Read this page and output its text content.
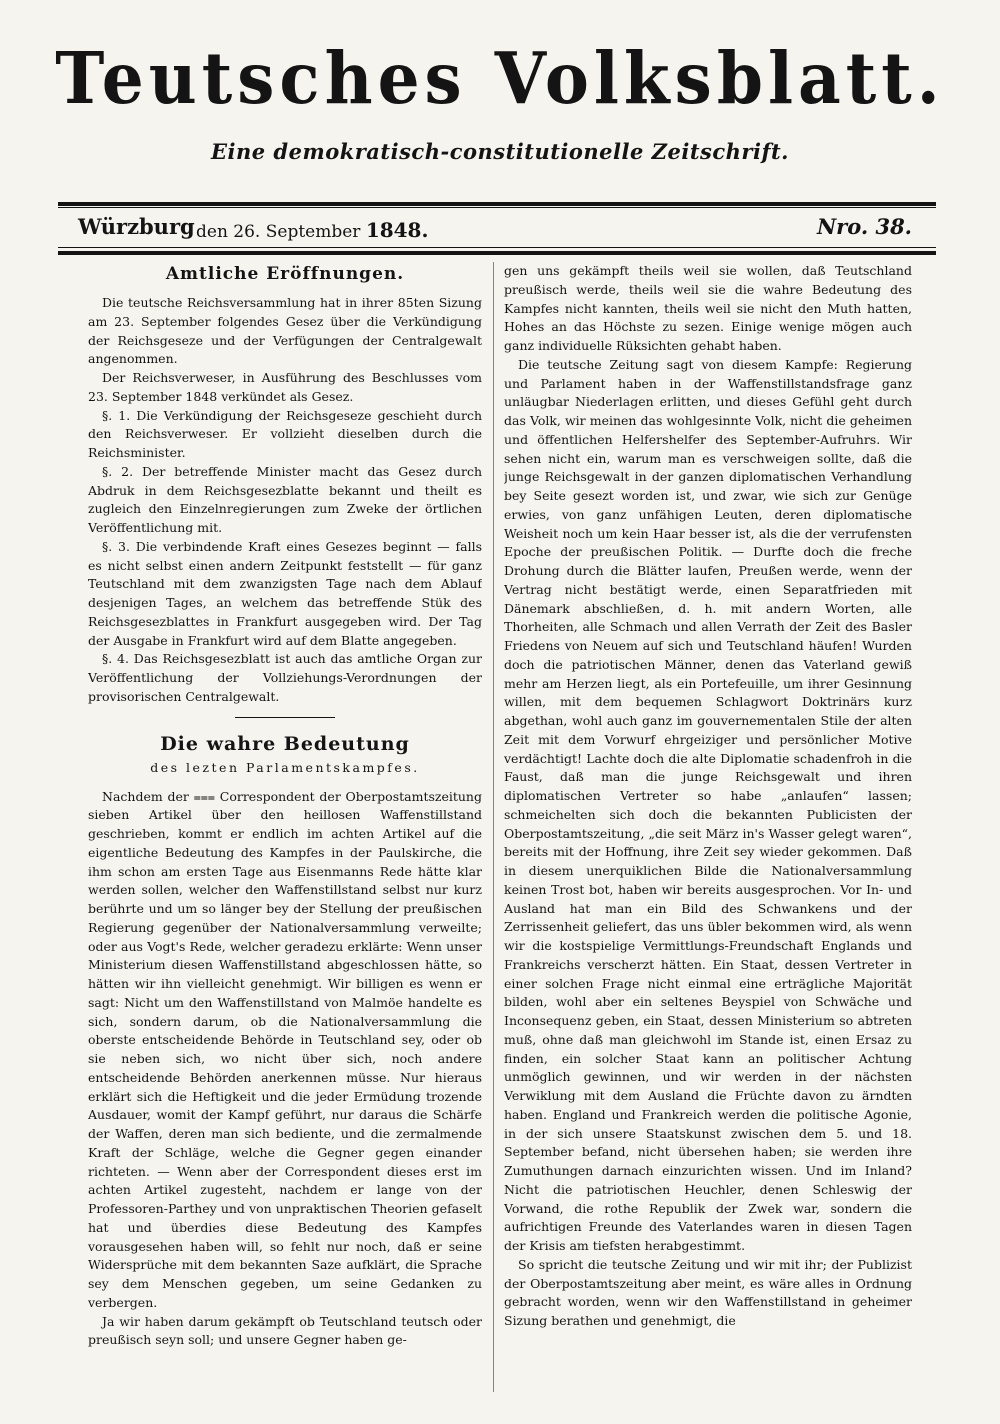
Teutsches Volksblatt.
Eine demokratisch-constitutionelle Zeitschrift.
Würzburg den 26. September 1848.	Nro. 38.
Amtliche Eröffnungen.

Die teutsche Reichsversammlung hat in ihrer 85ten Sizung am 23. September folgendes Gesez über die Verkündigung der Reichsgeseze und der Verfügungen der Centralgewalt angenommen.

Der Reichsverweser, in Ausführung des Beschlusses vom 23. September 1848 verkündet als Gesez.

§. 1. Die Verkündigung der Reichsgeseze geschieht durch den Reichsverweser. Er vollzieht dieselben durch die Reichsminister.

§. 2. Der betreffende Minister macht das Gesez durch Abdruk in dem Reichsgesezblatte bekannt und theilt es zugleich den Einzelnregierungen zum Zweke der örtlichen Veröffentlichung mit.

§. 3. Die verbindende Kraft eines Gesezes beginnt — falls es nicht selbst einen andern Zeitpunkt feststellt — für ganz Teutschland mit dem zwanzigsten Tage nach dem Ablauf desjenigen Tages, an welchem das betreffende Stük des Reichsgesezblattes in Frankfurt ausgegeben wird. Der Tag der Ausgabe in Frankfurt wird auf dem Blatte angegeben.

§. 4. Das Reichsgesezblatt ist auch das amtliche Organ zur Veröffentlichung der Vollziehungs-Verordnungen der provisorischen Centralgewalt.

Die wahre Bedeutung
des lezten Parlamentskampfes.

Nachdem der ⩶ Correspondent der Oberpostamtszeitung sieben Artikel über den heillosen Waffenstillstand geschrieben, kommt er endlich im achten Artikel auf die eigentliche Bedeutung des Kampfes in der Paulskirche, die ihm schon am ersten Tage aus Eisenmanns Rede hätte klar werden sollen, welcher den Waffenstillstand selbst nur kurz berührte und um so länger bey der Stellung der preußischen Regierung gegenüber der Nationalversammlung verweilte; oder aus Vogt's Rede, welcher geradezu erklärte: Wenn unser Ministerium diesen Waffenstillstand abgeschlossen hätte, so hätten wir ihn vielleicht genehmigt. Wir billigen es wenn er sagt: Nicht um den Waffenstillstand von Malmöe handelte es sich, sondern darum, ob die Nationalversammlung die oberste entscheidende Behörde in Teutschland sey, oder ob sie neben sich, wo nicht über sich, noch andere entscheidende Behörden anerkennen müsse. Nur hieraus erklärt sich die Heftigkeit und die jeder Ermüdung trozende Ausdauer, womit der Kampf geführt, nur daraus die Schärfe der Waffen, deren man sich bediente, und die zermalmende Kraft der Schläge, welche die Gegner gegen einander richteten. — Wenn aber der Correspondent dieses erst im achten Artikel zugesteht, nachdem er lange von der Professoren-Parthey und von unpraktischen Theorien gefaselt hat und überdies diese Bedeutung des Kampfes vorausgesehen haben will, so fehlt nur noch, daß er seine Widersprüche mit dem bekannten Saze aufklärt, die Sprache sey dem Menschen gegeben, um seine Gedanken zu verbergen.

Ja wir haben darum gekämpft ob Teutschland teutsch oder preußisch seyn soll; und unsere Gegner haben ge-

gen uns gekämpft theils weil sie wollen, daß Teutschland preußisch werde, theils weil sie die wahre Bedeutung des Kampfes nicht kannten, theils weil sie nicht den Muth hatten, Hohes an das Höchste zu sezen. Einige wenige mögen auch ganz individuelle Rüksichten gehabt haben.

Die teutsche Zeitung sagt von diesem Kampfe: Regierung und Parlament haben in der Waffenstillstandsfrage ganz unläugbar Niederlagen erlitten, und dieses Gefühl geht durch das Volk, wir meinen das wohlgesinnte Volk, nicht die geheimen und öffentlichen Helfershelfer des September-Aufruhrs. Wir sehen nicht ein, warum man es verschweigen sollte, daß die junge Reichsgewalt in der ganzen diplomatischen Verhandlung bey Seite gesezt worden ist, und zwar, wie sich zur Genüge erwies, von ganz unfähigen Leuten, deren diplomatische Weisheit noch um kein Haar besser ist, als die der verrufensten Epoche der preußischen Politik. — Durfte doch die freche Drohung durch die Blätter laufen, Preußen werde, wenn der Vertrag nicht bestätigt werde, einen Separatfrieden mit Dänemark abschließen, d. h. mit andern Worten, alle Thorheiten, alle Schmach und allen Verrath der Zeit des Basler Friedens von Neuem auf sich und Teutschland häufen! Wurden doch die patriotischen Männer, denen das Vaterland gewiß mehr am Herzen liegt, als ein Portefeuille, um ihrer Gesinnung willen, mit dem bequemen Schlagwort Doktrinärs kurz abgethan, wohl auch ganz im gouvernementalen Stile der alten Zeit mit dem Vorwurf ehrgeiziger und persönlicher Motive verdächtigt! Lachte doch die alte Diplomatie schadenfroh in die Faust, daß man die junge Reichsgewalt und ihren diplomatischen Vertreter so habe „anlaufen“ lassen; schmeichelten sich doch die bekannten Publicisten der Oberpostamtszeitung, „die seit März in's Wasser gelegt waren“, bereits mit der Hoffnung, ihre Zeit sey wieder gekommen. Daß in diesem unerquiklichen Bilde die Nationalversammlung keinen Trost bot, haben wir bereits ausgesprochen. Vor In- und Ausland hat man ein Bild des Schwankens und der Zerrissenheit geliefert, das uns übler bekommen wird, als wenn wir die kostspielige Vermittlungs-Freundschaft Englands und Frankreichs verscherzt hätten. Ein Staat, dessen Vertreter in einer solchen Frage nicht einmal eine erträgliche Majorität bilden, wohl aber ein seltenes Beyspiel von Schwäche und Inconsequenz geben, ein Staat, dessen Ministerium so abtreten muß, ohne daß man gleichwohl im Stande ist, einen Ersaz zu finden, ein solcher Staat kann an politischer Achtung unmöglich gewinnen, und wir werden in der nächsten Verwiklung mit dem Ausland die Früchte davon zu ärndten haben. England und Frankreich werden die politische Agonie, in der sich unsere Staatskunst zwischen dem 5. und 18. September befand, nicht übersehen haben; sie werden ihre Zumuthungen darnach einzurichten wissen. Und im Inland? Nicht die patriotischen Heuchler, denen Schleswig der Vorwand, die rothe Republik der Zwek war, sondern die aufrichtigen Freunde des Vaterlandes waren in diesen Tagen der Krisis am tiefsten herabgestimmt.

So spricht die teutsche Zeitung und wir mit ihr; der Publizist der Oberpostamtszeitung aber meint, es wäre alles in Ordnung gebracht worden, wenn wir den Waffenstillstand in geheimer Sizung berathen und genehmigt, die
